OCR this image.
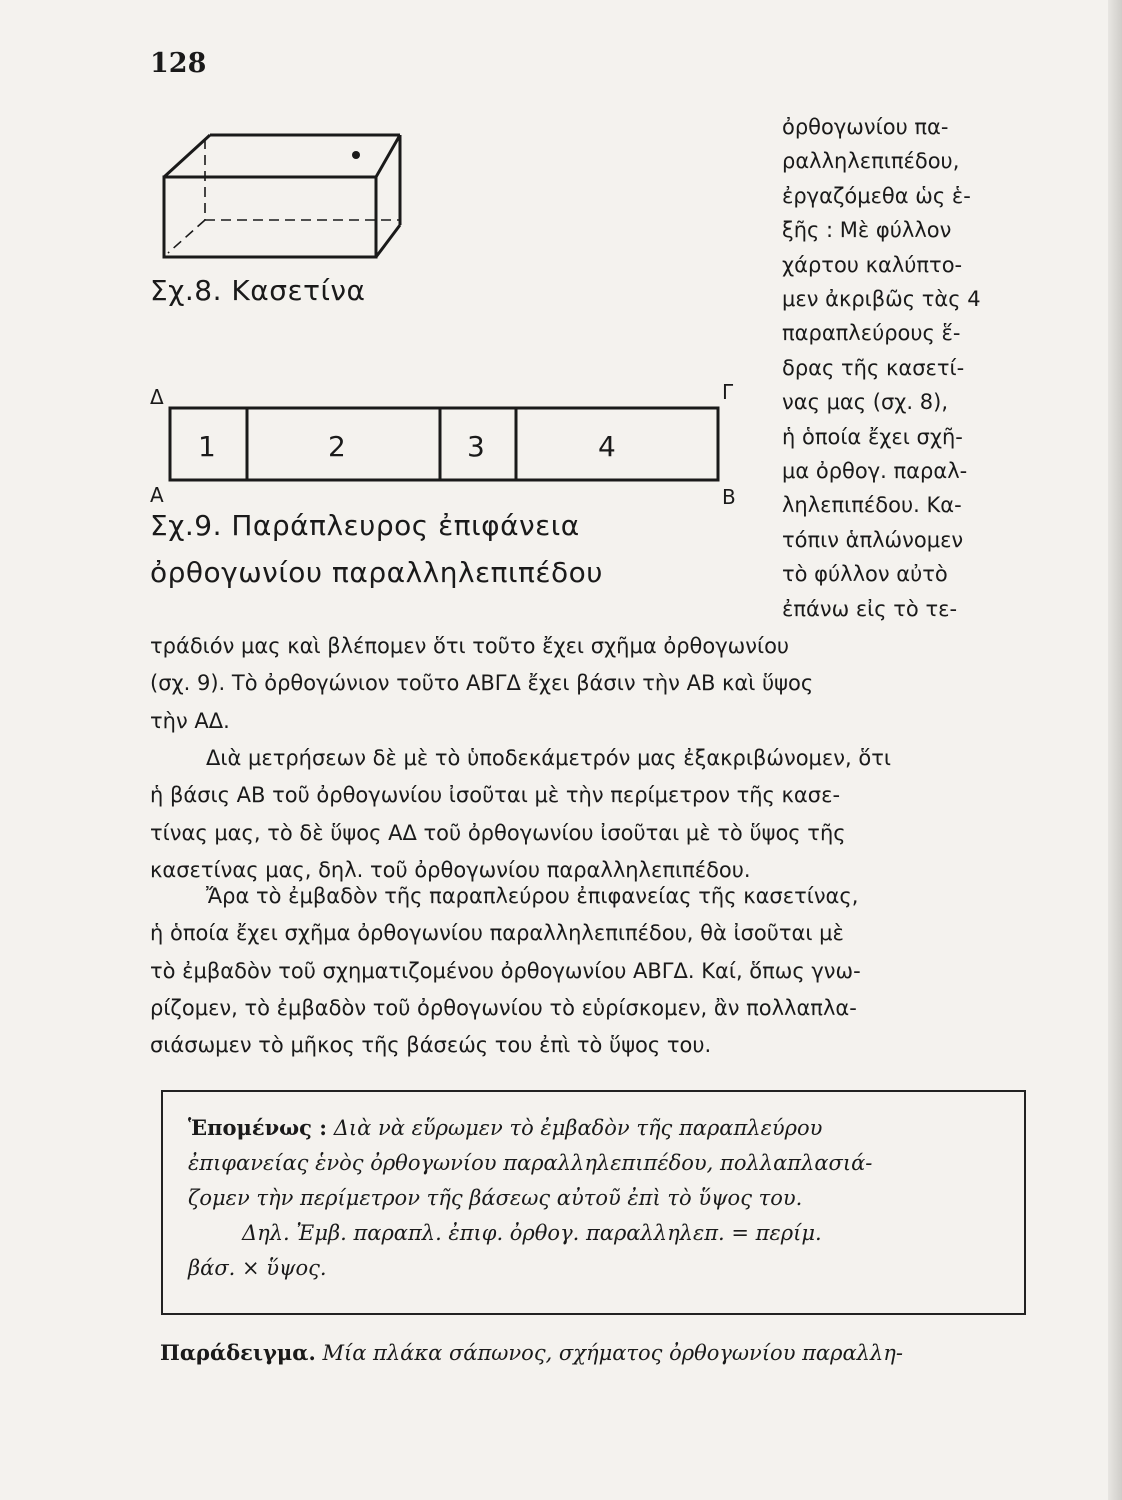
128
Σχ.8. Κασετίνα
Δ	Γ
Α	Β
1	2	3	4
Σχ.9. Παράπλευρος ἐπιφάνεια
ὀρθογωνίου παραλληλεπιπέδου
ὀρθογωνίου πα-
ραλληλεπιπέδου,
ἐργαζόμεθα ὡς ἑ-
ξῆς : Μὲ φύλλον
χάρτου καλύπτο-
μεν ἀκριβῶς τὰς 4
παραπλεύρους ἕ-
δρας τῆς κασετί-
νας μας (σχ. 8),
ἡ ὁποία ἔχει σχῆ-
μα ὀρθογ. παραλ-
ληλεπιπέδου. Κα-
τόπιν ἁπλώνομεν
τὸ φύλλον αὐτὸ
ἐπάνω εἰς τὸ τε-
τράδιόν μας καὶ βλέπομεν ὅτι τοῦτο ἔχει σχῆμα ὀρθογωνίου
(σχ. 9). Τὸ ὀρθογώνιον τοῦτο ΑΒΓΔ ἔχει βάσιν τὴν ΑΒ καὶ ὕψος
τὴν ΑΔ.
Διὰ μετρήσεων δὲ μὲ τὸ ὑποδεκάμετρόν μας ἐξακριβώνομεν, ὅτι
ἡ βάσις ΑΒ τοῦ ὀρθογωνίου ἰσοῦται μὲ τὴν περίμετρον τῆς κασε-
τίνας μας, τὸ δὲ ὕψος ΑΔ τοῦ ὀρθογωνίου ἰσοῦται μὲ τὸ ὕψος τῆς
κασετίνας μας, δηλ. τοῦ ὀρθογωνίου παραλληλεπιπέδου.
Ἄρα τὸ ἐμβαδὸν τῆς παραπλεύρου ἐπιφανείας τῆς κασετίνας,
ἡ ὁποία ἔχει σχῆμα ὀρθογωνίου παραλληλεπιπέδου, θὰ ἰσοῦται μὲ
τὸ ἐμβαδὸν τοῦ σχηματιζομένου ὀρθογωνίου ΑΒΓΔ. Καί, ὅπως γνω-
ρίζομεν, τὸ ἐμβαδὸν τοῦ ὀρθογωνίου τὸ εὑρίσκομεν, ἂν πολλαπλα-
σιάσωμεν τὸ μῆκος τῆς βάσεώς του ἐπὶ τὸ ὕψος του.
Ἑπομένως : Διὰ νὰ εὕρωμεν τὸ ἐμβαδὸν τῆς παραπλεύρου
ἐπιφανείας ἑνὸς ὀρθογωνίου παραλληλεπιπέδου, πολλαπλασιά-
ζομεν τὴν περίμετρον τῆς βάσεως αὐτοῦ ἐπὶ τὸ ὕψος του.
Δηλ. Ἐμβ. παραπλ. ἐπιφ. ὀρθογ. παραλληλεπ. = περίμ.
βάσ. × ὕψος.
Παράδειγμα. Μία πλάκα σάπωνος, σχήματος ὀρθογωνίου παραλλη-
